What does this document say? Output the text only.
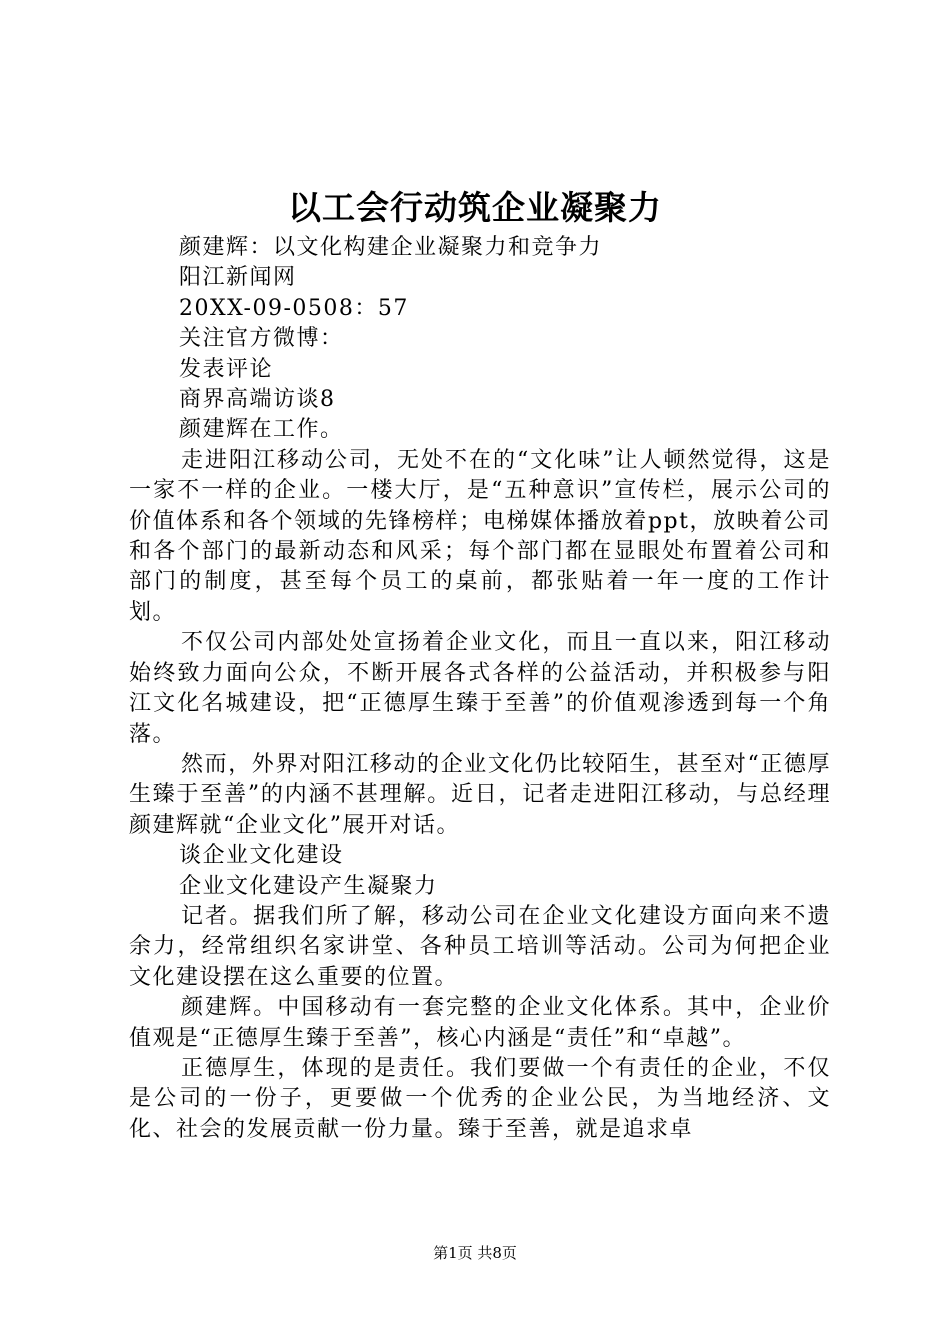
以工会行动筑企业凝聚力

颜建辉：以文化构建企业凝聚力和竞争力

阳江新闻网

20XX-09-0508：57

关注官方微博：

发表评论

商界高端访谈8

颜建辉在工作。

走进阳江移动公司，无处不在的“文化味”让人顿然觉得，这是一家不一样的企业。一楼大厅，是“五种意识”宣传栏，展示公司的价值体系和各个领域的先锋榜样；电梯媒体播放着ppt，放映着公司和各个部门的最新动态和风采；每个部门都在显眼处布置着公司和部门的制度，甚至每个员工的桌前，都张贴着一年一度的工作计划。

不仅公司内部处处宣扬着企业文化，而且一直以来，阳江移动始终致力面向公众，不断开展各式各样的公益活动，并积极参与阳江文化名城建设，把“正德厚生臻于至善”的价值观渗透到每一个角落。

然而，外界对阳江移动的企业文化仍比较陌生，甚至对“正德厚生臻于至善”的内涵不甚理解。近日，记者走进阳江移动，与总经理颜建辉就“企业文化”展开对话。

谈企业文化建设

企业文化建设产生凝聚力

记者。据我们所了解，移动公司在企业文化建设方面向来不遗余力，经常组织名家讲堂、各种员工培训等活动。公司为何把企业文化建设摆在这么重要的位置。

颜建辉。中国移动有一套完整的企业文化体系。其中，企业价值观是“正德厚生臻于至善”，核心内涵是“责任”和“卓越”。

正德厚生，体现的是责任。我们要做一个有责任的企业，不仅是公司的一份子，更要做一个优秀的企业公民，为当地经济、文化、社会的发展贡献一份力量。臻于至善，就是追求卓

第1页 共8页
